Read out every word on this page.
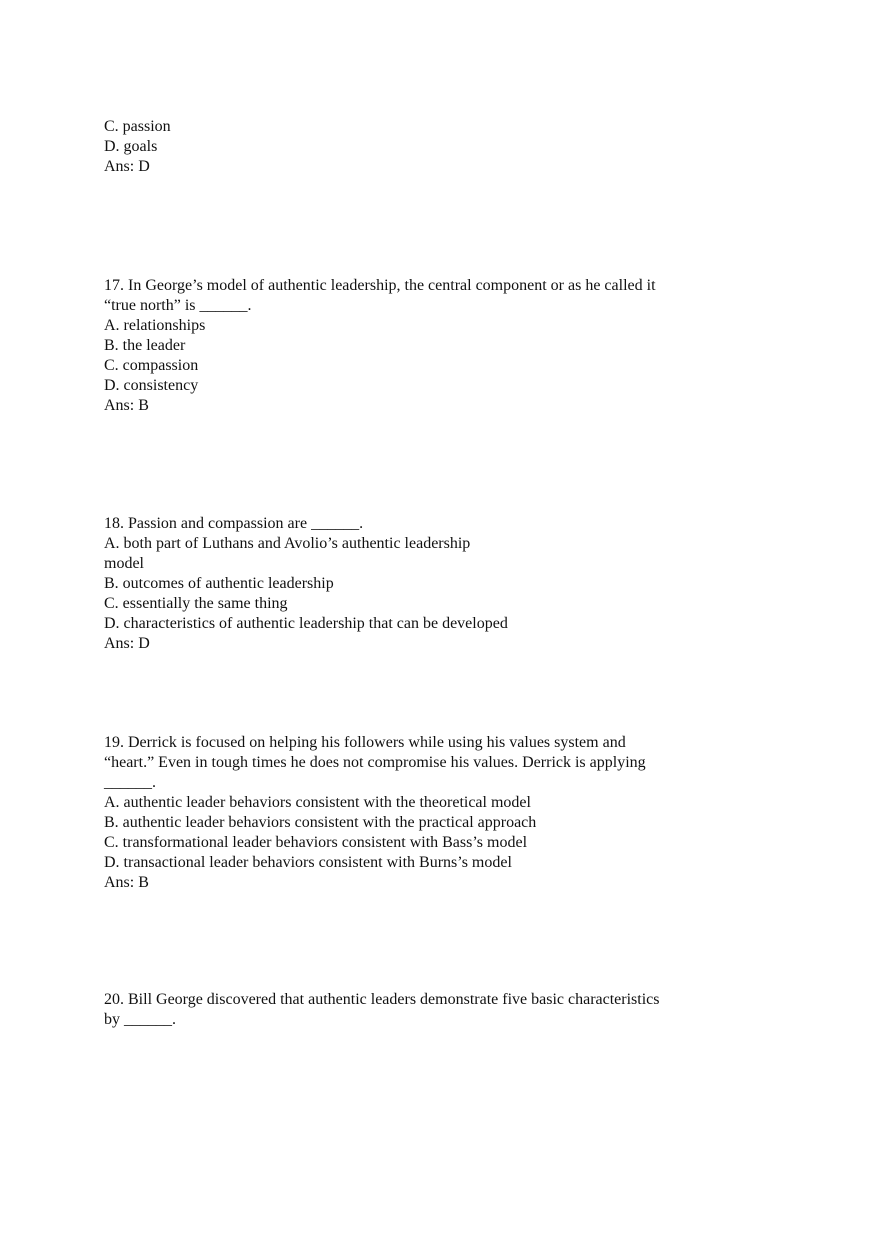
C. passion
D. goals
Ans: D
17. In George’s model of authentic leadership, the central component or as he called it
“true north” is ______.
A. relationships
B. the leader
C. compassion
D. consistency
Ans: B
18. Passion and compassion are ______.
A. both part of Luthans and Avolio’s authentic leadership
model
B. outcomes of authentic leadership
C. essentially the same thing
D. characteristics of authentic leadership that can be developed
Ans: D
19. Derrick is focused on helping his followers while using his values system and
“heart.” Even in tough times he does not compromise his values. Derrick is applying
______.
A. authentic leader behaviors consistent with the theoretical model
B. authentic leader behaviors consistent with the practical approach
C. transformational leader behaviors consistent with Bass’s model
D. transactional leader behaviors consistent with Burns’s model
Ans: B
20. Bill George discovered that authentic leaders demonstrate five basic characteristics
by ______.
